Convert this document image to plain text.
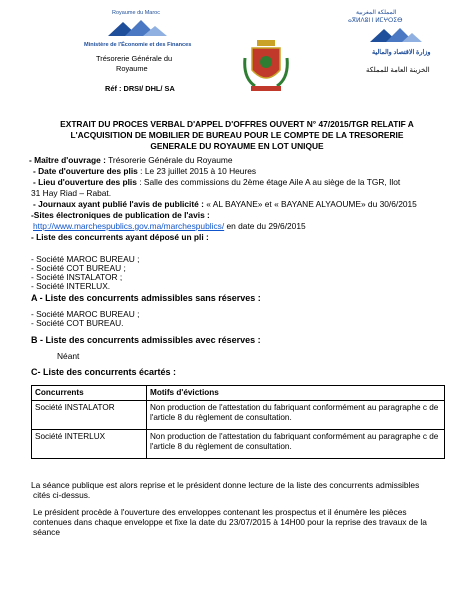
Royaume du Maroc
Ministère de l'Économie et des Finances
Trésorerie Générale du
Royaume
Réf : DRSI/ DHL/ SA
المملكة المغربية
ⴰⴳⵍⴷⵓⵏ ⵏ ⵍⵎⵖⵔⵉⴱ
وزارة الاقتصاد والمالية
الخزينة العامة للمملكة
EXTRAIT DU PROCES VERBAL D'APPEL D'OFFRES OUVERT N° 47/2015/TGR RELATIF A
L'ACQUISITION DE MOBILIER DE BUREAU POUR LE COMPTE DE LA TRESORERIE
GENERALE DU ROYAUME EN LOT UNIQUE
- Maître d'ouvrage : Trésorerie Générale du Royaume
- Date d'ouverture des plis : Le 23 juillet 2015 à 10 Heures
- Lieu d'ouverture des plis : Salle des commissions du 2ème étage Aile A au siège de la TGR, Ilot
31 Hay Riad – Rabat.
- Journaux ayant publié l'avis de publicité : « AL BAYANE» et « BAYANE ALYAOUME» du 30/6/2015
-Sites électroniques de publication de l'avis :
http://www.marchespublics.gov.ma/marchespublics/ en date du 29/6/2015
- Liste des concurrents ayant déposé un pli :
- Société MAROC BUREAU ;
- Société COT BUREAU ;
- Société INSTALATOR ;
- Société INTERLUX.
A - Liste des concurrents admissibles sans réserves :
- Société MAROC BUREAU ;
- Société COT BUREAU.
B - Liste des concurrents admissibles avec réserves :
Néant
C- Liste des concurrents écartés :
Concurrents	Motifs d'évictions
Société INSTALATOR	Non production de l'attestation du fabriquant conformément au paragraphe c de
l'article 8 du règlement de consultation.

Société INTERLUX	Non production de l'attestation du fabriquant conformément au paragraphe c de
l'article 8 du règlement de consultation.
La séance publique est alors reprise et le président donne lecture de la liste des concurrents admissibles
cités ci-dessus.
Le président procède à l'ouverture des enveloppes contenant les prospectus et il énumère les pièces
contenues dans chaque enveloppe et fixe la date du 23/07/2015 à 14H00 pour la reprise des travaux de la
séance
